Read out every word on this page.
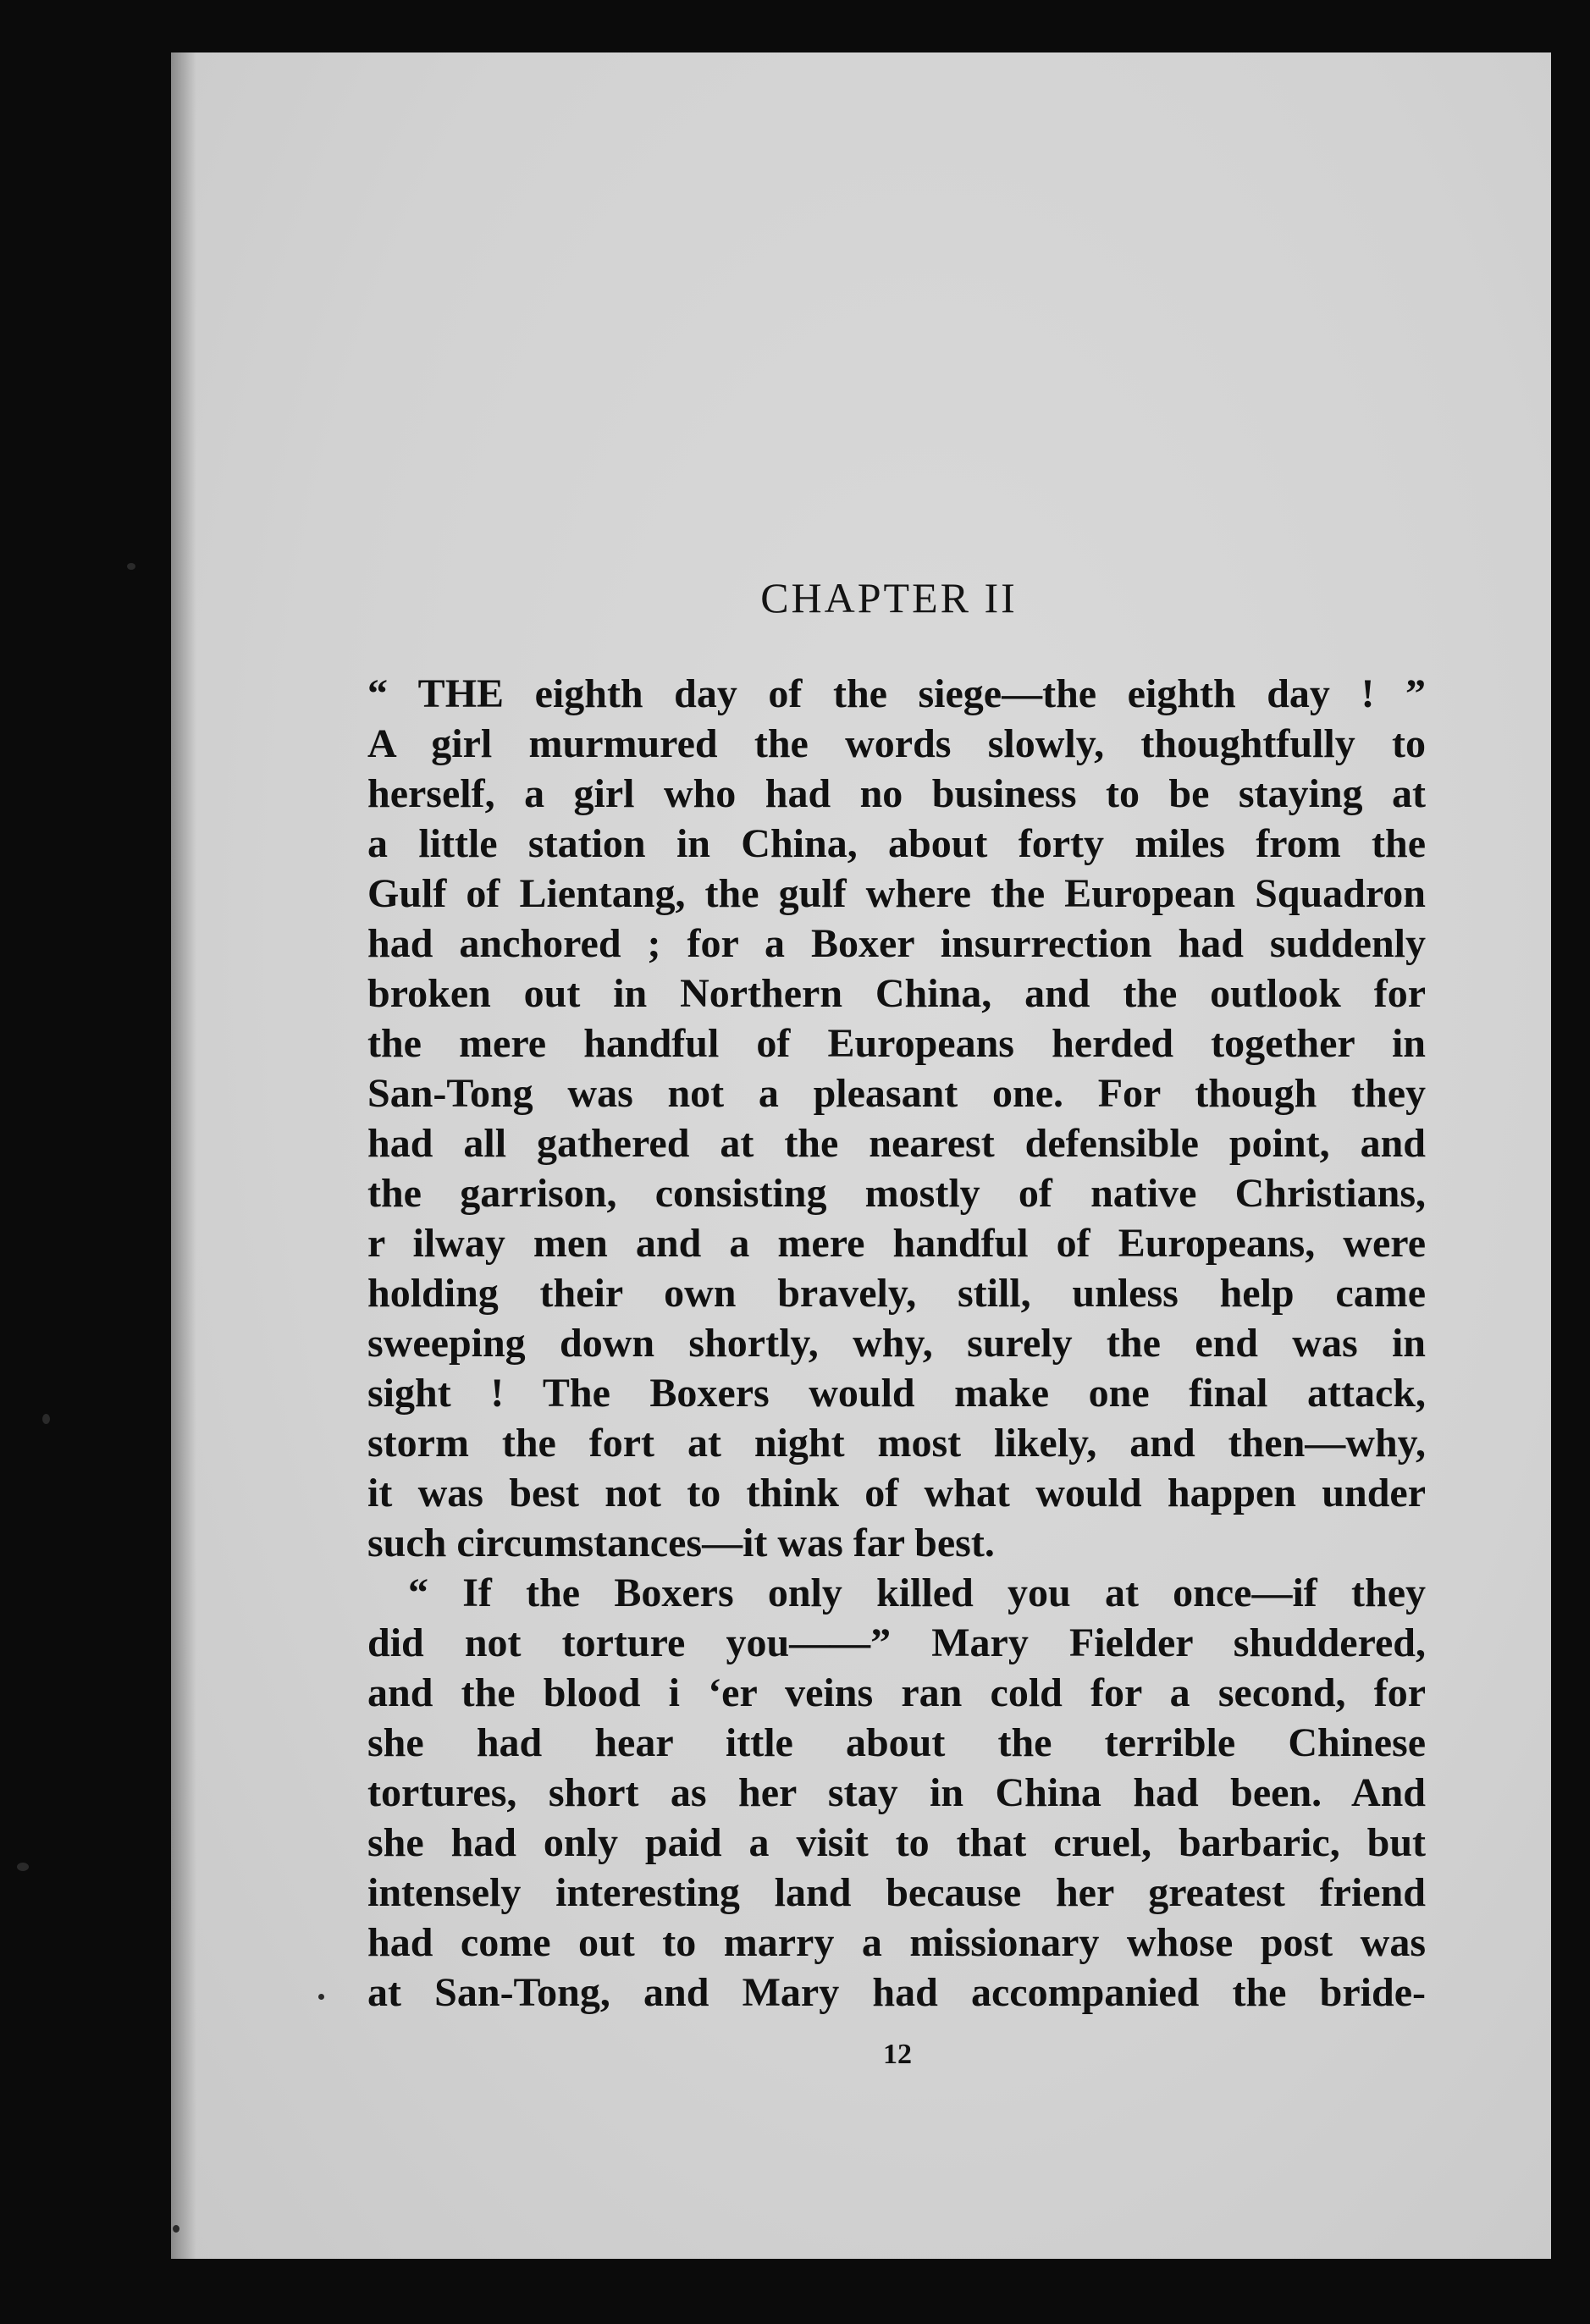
CHAPTER II
“ THE eighth day of the siege—the eighth day ! ”
A girl murmured the words slowly, thoughtfully to
herself, a girl who had no business to be staying at
a little station in China, about forty miles from the
Gulf of Lientang, the gulf where the European Squadron
had anchored ; for a Boxer insurrection had suddenly
broken out in Northern China, and the outlook for
the mere handful of Europeans herded together in
San-Tong was not a pleasant one. For though they
had all gathered at the nearest defensible point, and
the garrison, consisting mostly of native Christians,
r ilway men and a mere handful of Europeans, were
holding their own bravely, still, unless help came
sweeping down shortly, why, surely the end was in
sight ! The Boxers would make one final attack,
storm the fort at night most likely, and then—why,
it was best not to think of what would happen under
such circumstances—it was far best.
“ If the Boxers only killed you at once—if they
did not torture you——” Mary Fielder shuddered,
and the blood i ‘er veins ran cold for a second, for
she had hear ittle about the terrible Chinese
tortures, short as her stay in China had been. And
she had only paid a visit to that cruel, barbaric, but
intensely interesting land because her greatest friend
had come out to marry a missionary whose post was
at San-Tong, and Mary had accompanied the bride-
12
